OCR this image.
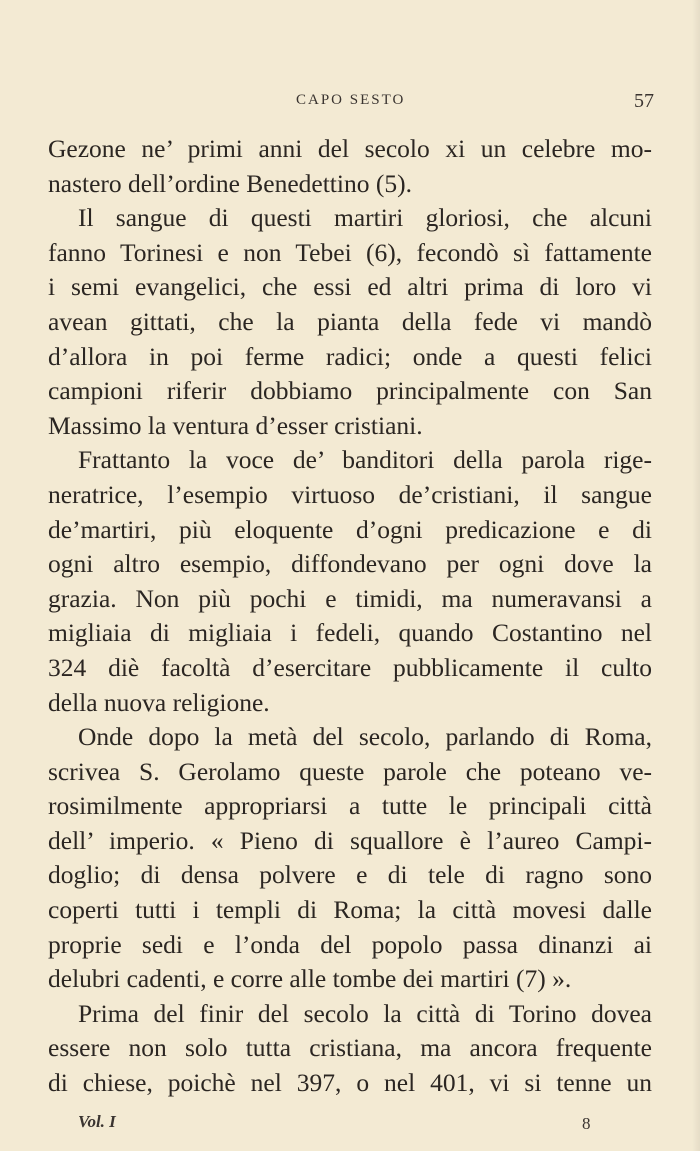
CAPO SESTO	57
Gezone ne’ primi anni del secolo xi un celebre mo-
nastero dell’ordine Benedettino (5).
Il sangue di questi martiri gloriosi, che alcuni
fanno Torinesi e non Tebei (6), fecondò sì fattamente
i semi evangelici, che essi ed altri prima di loro vi
avean gittati, che la pianta della fede vi mandò
d’allora in poi ferme radici; onde a questi felici
campioni riferir dobbiamo principalmente con San
Massimo la ventura d’esser cristiani.
Frattanto la voce de’ banditori della parola rige-
neratrice, l’esempio virtuoso de’cristiani, il sangue
de’martiri, più eloquente d’ogni predicazione e di
ogni altro esempio, diffondevano per ogni dove la
grazia. Non più pochi e timidi, ma numeravansi a
migliaia di migliaia i fedeli, quando Costantino nel
324 diè facoltà d’esercitare pubblicamente il culto
della nuova religione.
Onde dopo la metà del secolo, parlando di Roma,
scrivea S. Gerolamo queste parole che poteano ve-
rosimilmente appropriarsi a tutte le principali città
dell’ imperio. « Pieno di squallore è l’aureo Campi-
doglio; di densa polvere e di tele di ragno sono
coperti tutti i templi di Roma; la città movesi dalle
proprie sedi e l’onda del popolo passa dinanzi ai
delubri cadenti, e corre alle tombe dei martiri (7) ».
Prima del finir del secolo la città di Torino dovea
essere non solo tutta cristiana, ma ancora frequente
di chiese, poichè nel 397, o nel 401, vi si tenne un
Vol. I	8
